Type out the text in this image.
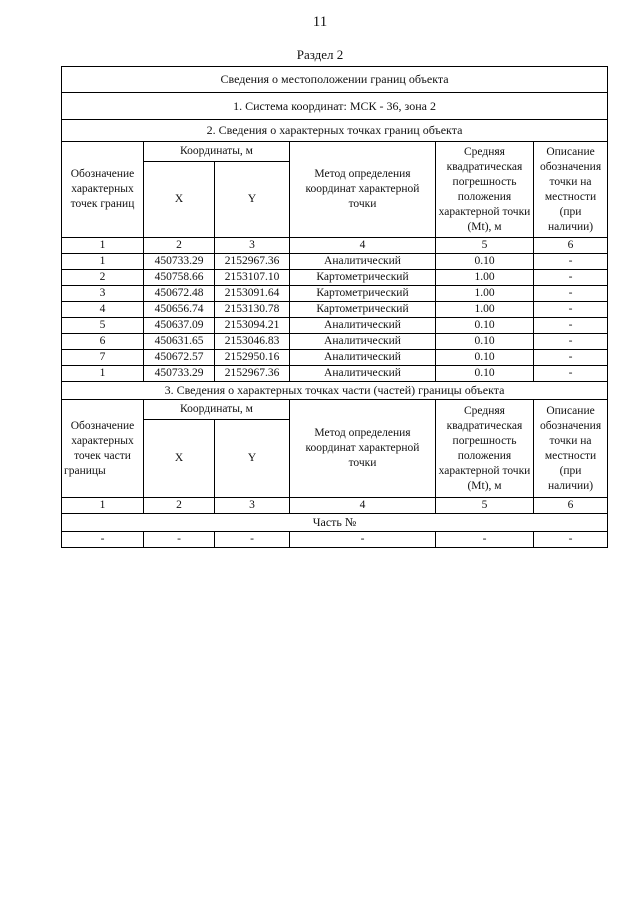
11
Раздел 2
Сведения о местоположении границ объекта					
1. Система координат: МСК - 36, зона 2					
2. Сведения о характерных точках границ объекта					
Обозначение характерных точек границ	Координаты, м		Метод определения координат характерной точки	Средняя квадратическая погрешность положения характерной точки (Mt), м	Описание обозначения точки на местности (при наличии)
	X	Y			
1	2	3	4	5	6
1	450733.29	2152967.36	Аналитический	0.10	-
2	450758.66	2153107.10	Картометрический	1.00	-
3	450672.48	2153091.64	Картометрический	1.00	-
4	450656.74	2153130.78	Картометрический	1.00	-
5	450637.09	2153094.21	Аналитический	0.10	-
6	450631.65	2153046.83	Аналитический	0.10	-
7	450672.57	2152950.16	Аналитический	0.10	-
1	450733.29	2152967.36	Аналитический	0.10	-
3. Сведения о характерных точках части (частей) границы объекта					
Обозначение характерных точек части границы	Координаты, м		Метод определения координат характерной точки	Средняя квадратическая погрешность положения характерной точки (Mt), м	Описание обозначения точки на местности (при наличии)
	X	Y			
1	2	3	4	5	6
Часть №					
-	-	-	-	-	-
